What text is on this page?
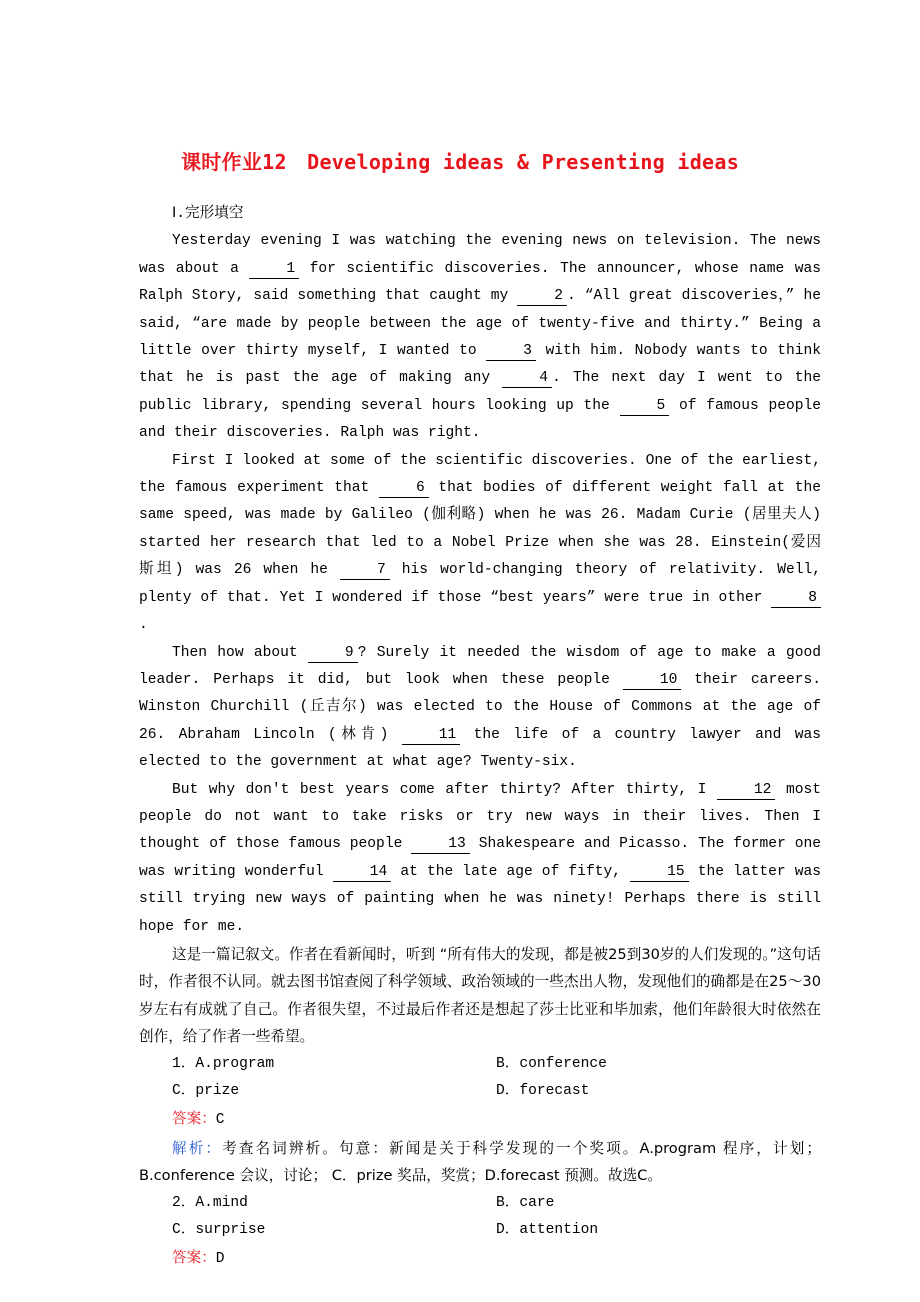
课时作业12　Developing ideas & Presenting ideas

Ⅰ.完形填空

Yesterday evening I was watching the evening news on television. The news was about a	1 for scientific discoveries. The announcer, whose name was Ralph Story, said something that caught my	2 . “All great discoveries，” he said, “are made by people between the age of twenty-five and thirty.” Being a little over thirty myself, I wanted to	3 with him. Nobody wants to think that he is past the age of making any	4 . The next day I went to the public library, spending several hours looking up the	5 of famous people and their discoveries. Ralph was right.

First I looked at some of the scientific discoveries. One of the earliest, the famous experiment that	6 that bodies of different weight fall at the same speed, was made by Galileo (伽利略) when he was 26. Madam Curie (居里夫人) started her research that led to a Nobel Prize when she was 28. Einstein(爱因斯坦) was 26 when he	7 his world-changing theory of relativity. Well, plenty of that. Yet I wondered if those “best years” were true in other	8.

Then how about	9 ? Surely it needed the wisdom of age to make a good leader. Perhaps it did, but look when these people	10 their careers. Winston Churchill (丘吉尔) was elected to the House of Commons at the age of 26. Abraham Lincoln (林肯)	11 the life of a country lawyer and was elected to the government at what age? Twenty-six.

But why don't best years come after thirty? After thirty, I	12 most people do not want to take risks or try new ways in their lives. Then I thought of those famous people	13 Shakespeare and Picasso. The former one was writing wonderful	14 at the late age of fifty,	15 the latter was still trying new ways of painting when he was ninety! Perhaps there is still hope for me.

这是一篇记叙文。作者在看新闻时，听到 “所有伟大的发现，都是被25到30岁的人们发现的。”这句话时，作者很不认同。就去图书馆查阅了科学领域、政治领域的一些杰出人物，发现他们的确都是在25～30岁左右有成就了自己。作者很失望，不过最后作者还是想起了莎士比亚和毕加索，他们年龄很大时依然在创作，给了作者一些希望。

1．A.program	B．conference
C．prize	D．forecast
答案：C

解析：考查名词辨析。句意：新闻是关于科学发现的一个奖项。A.program 程序，计划；B.conference 会议，讨论； C．prize 奖品，奖赏；D.forecast 预测。故选C。

2．A.mind	B．care
C．surprise	D．attention
答案：D
